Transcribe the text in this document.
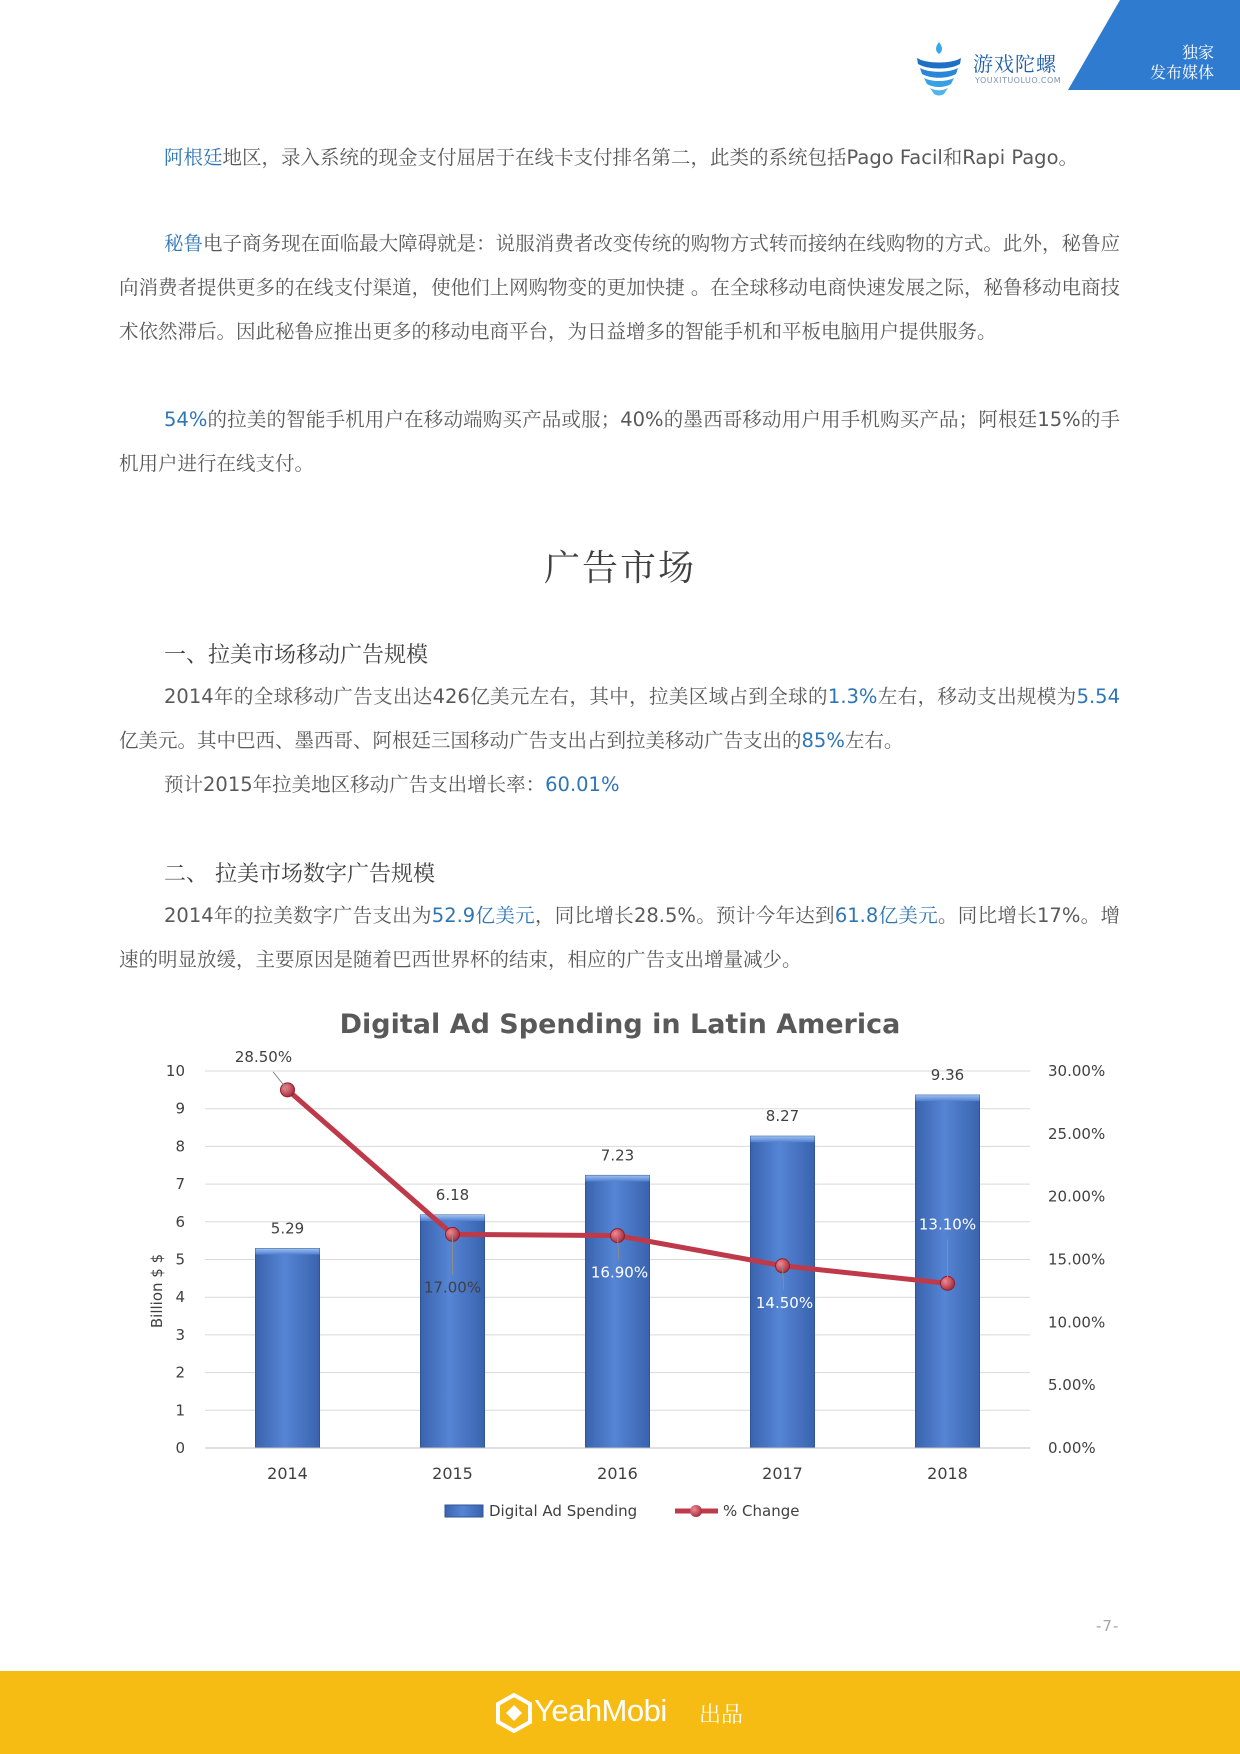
游戏陀螺
YOUXITUOLUO.COM
独家
发布媒体

阿根廷地区，录入系统的现金支付屈居于在线卡支付排名第二，此类的系统包括Pago Facil和Rapi Pago。

秘鲁电子商务现在面临最大障碍就是：说服消费者改变传统的购物方式转而接纳在线购物的方式。此外，秘鲁应向消费者提供更多的在线支付渠道，使他们上网购物变的更加快捷 。在全球移动电商快速发展之际，秘鲁移动电商技术依然滞后。因此秘鲁应推出更多的移动电商平台，为日益增多的智能手机和平板电脑用户提供服务。

54%的拉美的智能手机用户在移动端购买产品或服；40%的墨西哥移动用户用手机购买产品；阿根廷15%的手机用户进行在线支付。

广告市场
一、拉美市场移动广告规模

2014年的全球移动广告支出达426亿美元左右，其中，拉美区域占到全球的1.3%左右，移动支出规模为5.54亿美元。其中巴西、墨西哥、阿根廷三国移动广告支出占到拉美移动广告支出的85%左右。

预计2015年拉美地区移动广告支出增长率：60.01%

二、 拉美市场数字广告规模

2014年的拉美数字广告支出为52.9亿美元，同比增长28.5%。预计今年达到61.8亿美元。同比增长17%。增速的明显放缓，主要原因是随着巴西世界杯的结束，相应的广告支出增量减少。

Digital Ad Spending in Latin America
Billion $ $
0
1
2
3
4
5
6
7
8
9
10
0.00%
5.00%
10.00%
15.00%
20.00%
25.00%
30.00%
5.29
6.18
7.23
8.27
9.36
2014	2015	2016	2017	2018
28.50%
17.00%
16.90%
14.50%
13.10%
Digital Ad Spending	% Change
-7-
YeahMobi 出品
